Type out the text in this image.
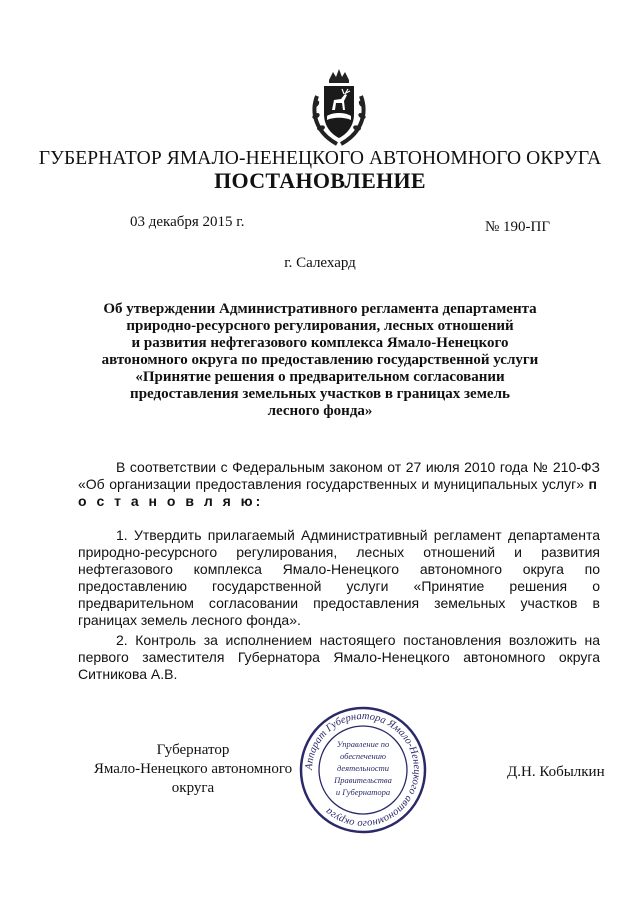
ГУБЕРНАТОР ЯМАЛО-НЕНЕЦКОГО АВТОНОМНОГО ОКРУГА
ПОСТАНОВЛЕНИЕ
03 декабря 2015 г.	№ 190-ПГ
г. Салехард
Об утверждении Административного регламента департамента
природно-ресурсного регулирования, лесных отношений
и развития нефтегазового комплекса Ямало-Ненецкого
автономного округа по предоставлению государственной услуги
«Принятие решения о предварительном согласовании
предоставления земельных участков в границах земель
лесного фонда»
В соответствии с Федеральным законом от 27 июля 2010 года № 210-ФЗ «Об организации предоставления государственных и муниципальных услуг» п о с т а н о в л я ю:
1. Утвердить прилагаемый Административный регламент департамента природно-ресурсного регулирования, лесных отношений и развития нефтегазового комплекса Ямало-Ненецкого автономного округа по предоставлению государственной услуги «Принятие решения о предварительном согласовании предоставления земельных участков в границах земель лесного фонда».
2. Контроль за исполнением настоящего постановления возложить на первого заместителя Губернатора Ямало-Ненецкого автономного округа Ситникова А.В.
Губернатор
Ямало-Ненецкого автономного округа
Д.Н. Кобылкин
Аппарат Губернатора Ямало-Ненецкого автономного округа
Управление по
обеспечению
деятельности
Правительства
и Губернатора
